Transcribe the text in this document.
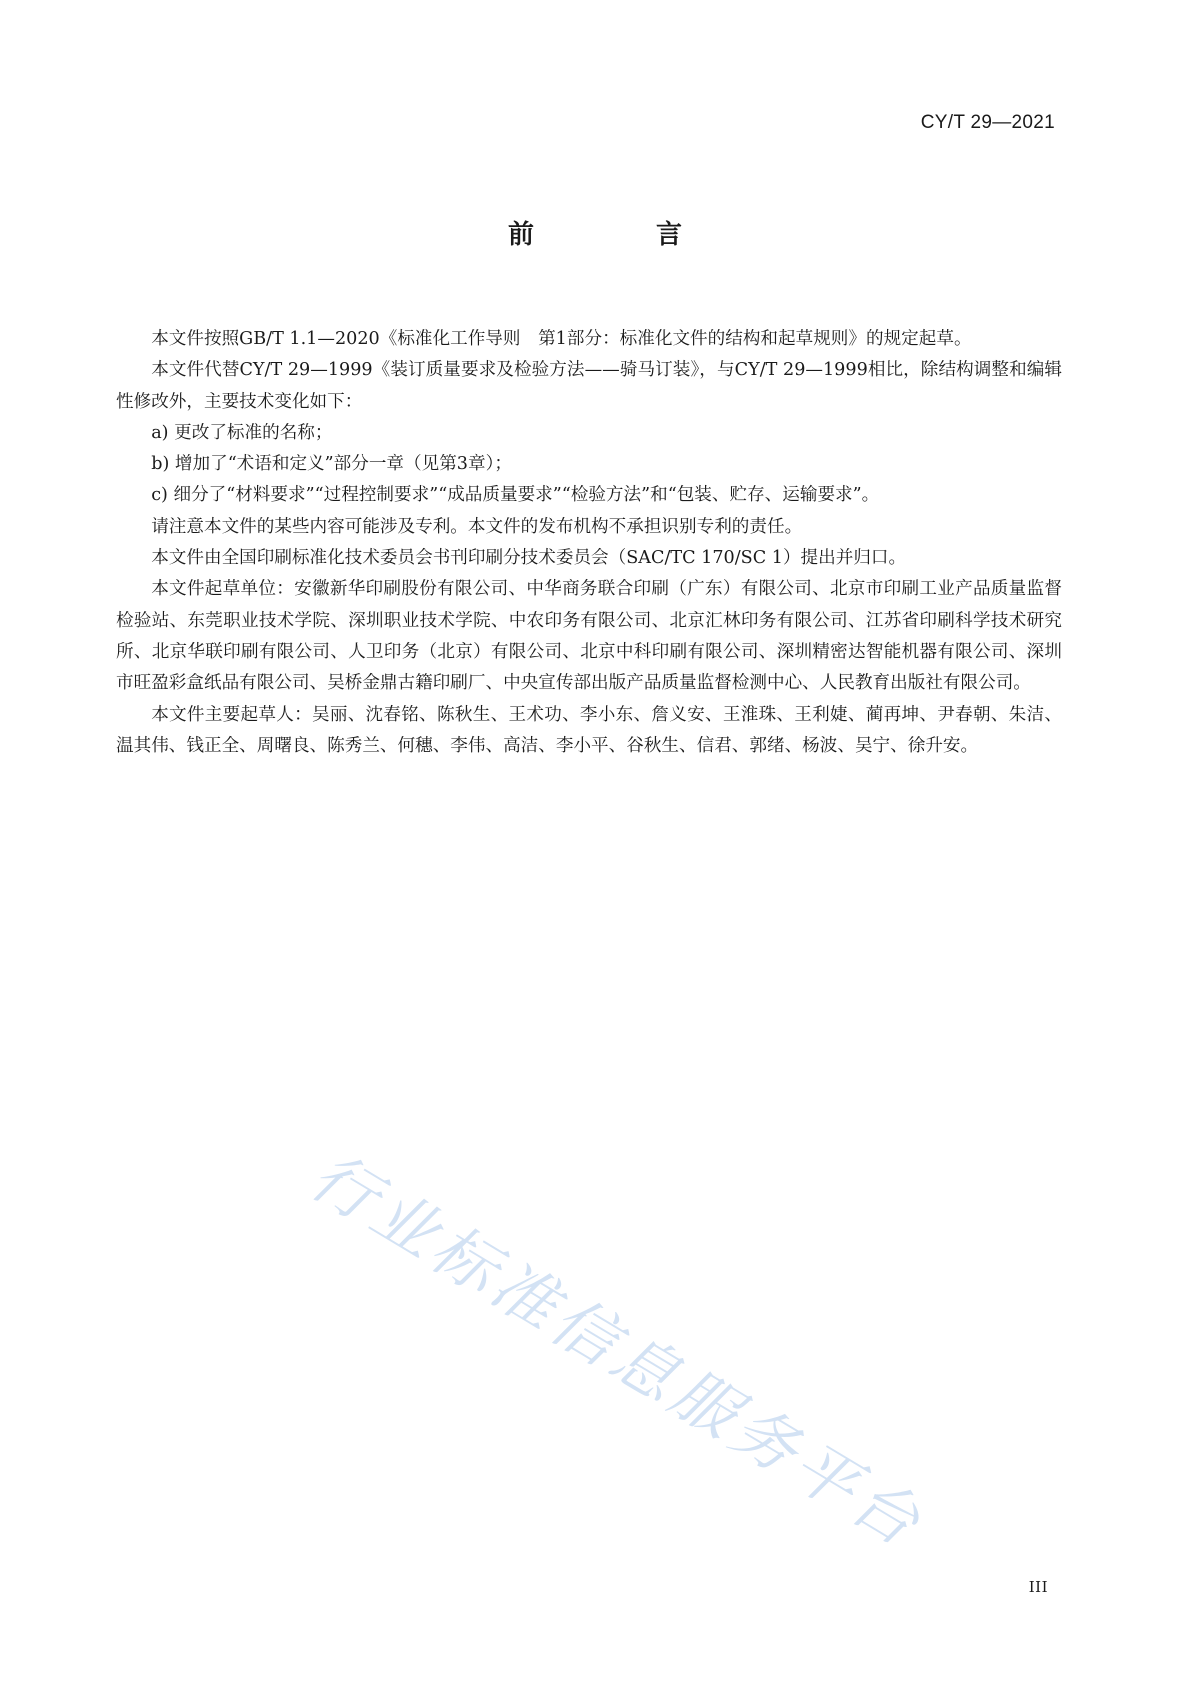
CY/T 29—2021
前　言

本文件按照GB/T 1.1—2020《标准化工作导则　第1部分：标准化文件的结构和起草规则》的规定起草。

本文件代替CY/T 29—1999《装订质量要求及检验方法——骑马订装》，与CY/T 29—1999相比，除结构调整和编辑性修改外，主要技术变化如下：

a) 更改了标准的名称；

b) 增加了“术语和定义”部分一章（见第3章）；

c) 细分了“材料要求”“过程控制要求”“成品质量要求”“检验方法”和“包装、贮存、运输要求”。

请注意本文件的某些内容可能涉及专利。本文件的发布机构不承担识别专利的责任。

本文件由全国印刷标准化技术委员会书刊印刷分技术委员会（SAC/TC 170/SC 1）提出并归口。

本文件起草单位：安徽新华印刷股份有限公司、中华商务联合印刷（广东）有限公司、北京市印刷工业产品质量监督检验站、东莞职业技术学院、深圳职业技术学院、中农印务有限公司、北京汇林印务有限公司、江苏省印刷科学技术研究所、北京华联印刷有限公司、人卫印务（北京）有限公司、北京中科印刷有限公司、深圳精密达智能机器有限公司、深圳市旺盈彩盒纸品有限公司、吴桥金鼎古籍印刷厂、中央宣传部出版产品质量监督检测中心、人民教育出版社有限公司。

本文件主要起草人：吴丽、沈春铭、陈秋生、王术功、李小东、詹义安、王淮珠、王利婕、蔺再坤、尹春朝、朱洁、温其伟、钱正全、周曙良、陈秀兰、何穗、李伟、高洁、李小平、谷秋生、信君、郭绪、杨波、吴宁、徐升安。

行业标准信息服务平台
III
